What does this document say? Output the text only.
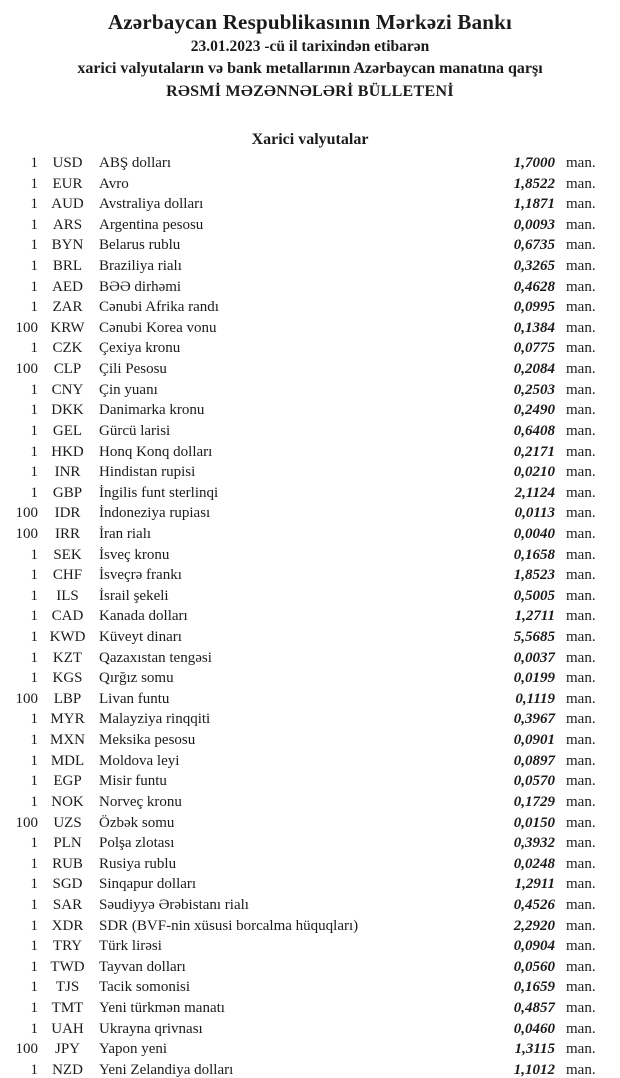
Azərbaycan Respublikasının Mərkəzi Bankı
23.01.2023 -cü il tarixindən etibarən
xarici valyutaların və bank metallarının Azərbaycan manatına qarşı
RƏSMİ MƏZƏNNƏLƏRİ BÜLLETENİ
Xarici valyutalar
1 USD	ABŞ dolları	1,7000 man.
1 EUR	Avro	1,8522 man.
1 AUD	Avstraliya dolları	1,1871 man.
1 ARS	Argentina pesosu	0,0093 man.
1 BYN	Belarus rublu	0,6735 man.
1 BRL	Braziliya rialı	0,3265 man.
1 AED	BƏƏ dirhəmi	0,4628 man.
1 ZAR	Cənubi Afrika randı	0,0995 man.
100 KRW Cənubi Korea vonu	0,1384 man.
1 CZK	Çexiya kronu	0,0775 man.
100	CLP	Çili Pesosu	0,2084 man.
1 CNY	Çin yuanı	0,2503 man.
1 DKK	Danimarka kronu	0,2490 man.
1 GEL	Gürcü larisi	0,6408 man.
1 HKD	Honq Konq dolları	0,2171 man.
1	INR	Hindistan rupisi	0,0210 man.
1 GBP	İngilis funt sterlinqi	2,1124 man.
100	IDR	İndoneziya rupiası	0,0113 man.
100	IRR	İran rialı	0,0040 man.
1	SEK	İsveç kronu	0,1658 man.
1 CHF	İsveçrə frankı	1,8523 man.
1	ILS	İsrail şekeli	0,5005 man.
1 CAD	Kanada dolları	1,2711 man.
1 KWD Küveyt dinarı	5,5685 man.
1 KZT	Qazaxıstan tengəsi	0,0037 man.
1 KGS	Qırğız somu	0,0199 man.
100	LBP	Livan funtu	0,1119 man.
1 MYR Malayziya rinqqiti	0,3967 man.
1 MXN Meksika pesosu	0,0901 man.
1 MDL Moldova leyi	0,0897 man.
1	EGP	Misir funtu	0,0570 man.
1 NOK	Norveç kronu	0,1729 man.
100	UZS	Özbək somu	0,0150 man.
1	PLN	Polşa zlotası	0,3932 man.
1 RUB	Rusiya rublu	0,0248 man.
1 SGD	Sinqapur dolları	1,2911 man.
1 SAR	Səudiyyə Ərəbistanı rialı	0,4526 man.
1 XDR	SDR (BVF-nin xüsusi borcalma hüquqları)	2,2920 man.
1 TRY	Türk lirəsi	0,0904 man.
1 TWD Tayvan dolları	0,0560 man.
1	TJS	Tacik somonisi	0,1659 man.
1 TMT	Yeni türkmən manatı	0,4857 man.
1 UAH	Ukrayna qrivnası	0,0460 man.
100	JPY	Yapon yeni	1,3115 man.
1 NZD	Yeni Zelandiya dolları	1,1012 man.
